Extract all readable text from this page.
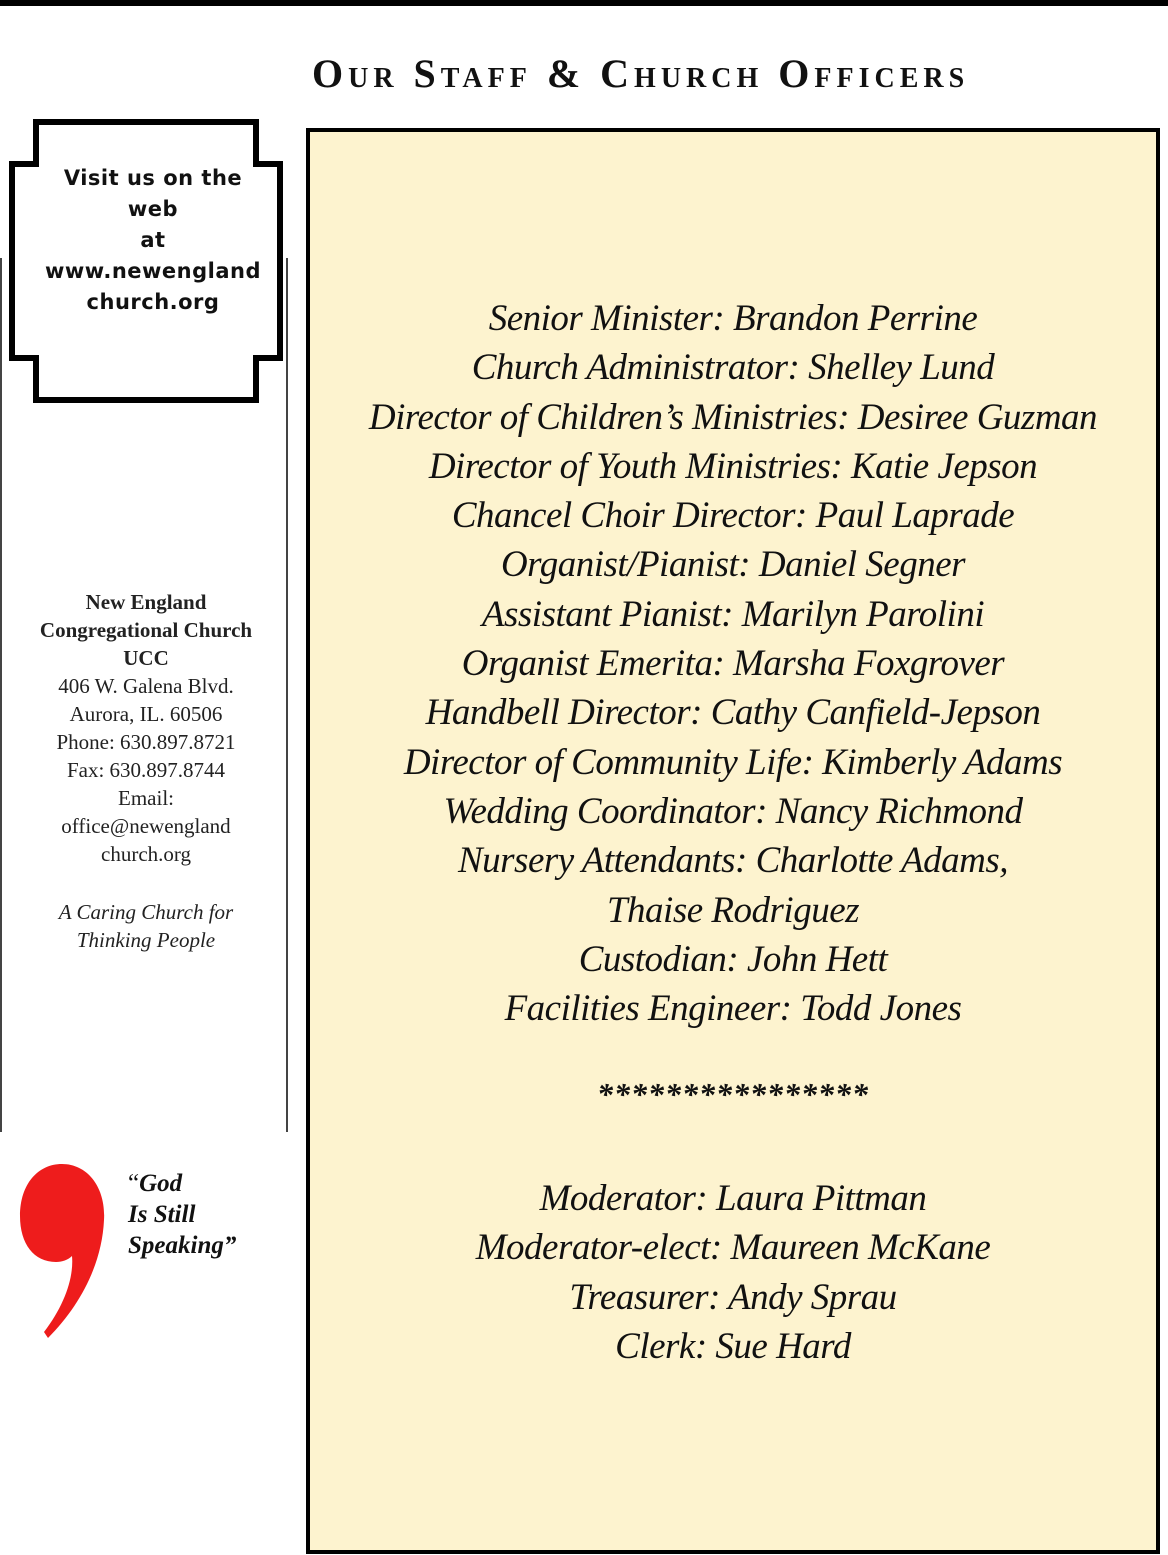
Our Staff & Church Officers
Visit us on the
web
at
www.newengland
church.org
New England
Congregational Church
UCC
406 W. Galena Blvd.
Aurora, IL. 60506
Phone: 630.897.8721
Fax: 630.897.8744
Email:
office@newengland
church.org
A Caring Church for
Thinking People
“God
Is Still
Speaking”
Senior Minister: Brandon Perrine
Church Administrator: Shelley Lund
Director of Children’s Ministries: Desiree Guzman
Director of Youth Ministries: Katie Jepson
Chancel Choir Director: Paul Laprade
Organist/Pianist: Daniel Segner
Assistant Pianist: Marilyn Parolini
Organist Emerita: Marsha Foxgrover
Handbell Director: Cathy Canfield-Jepson
Director of Community Life: Kimberly Adams
Wedding Coordinator: Nancy Richmond
Nursery Attendants: Charlotte Adams,
Thaise Rodriguez
Custodian: John Hett
Facilities Engineer: Todd Jones
****************
Moderator: Laura Pittman
Moderator-elect: Maureen McKane
Treasurer: Andy Sprau
Clerk: Sue Hard
